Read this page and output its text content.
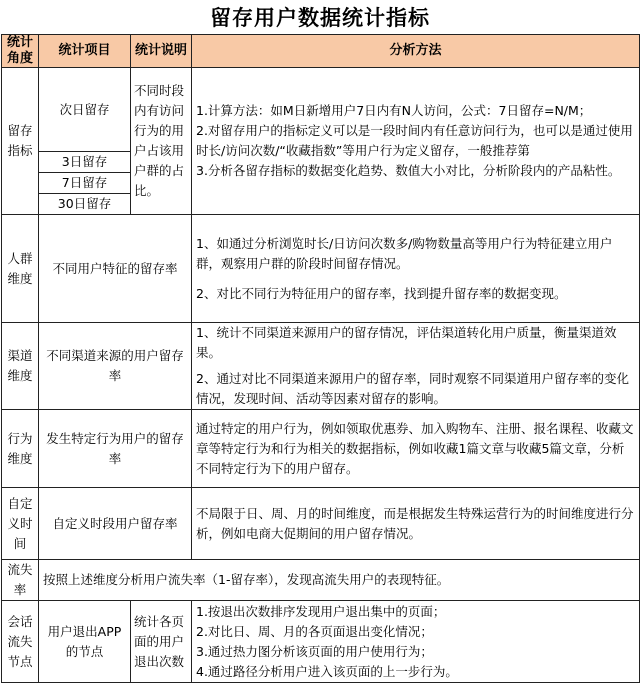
留存用户数据统计指标
统计角度	统计项目	统计说明	分析方法
留存指标	次日留存	不同时段内有访问行为的用户占该用户群的占比。	1.计算方法：如M日新增用户7日内有N人访问，公式：7日留存=N/M；
2.对留存用户的指标定义可以是一段时间内有任意访问行为，也可以是通过使用时长/访问次数/“收藏指数”等用户行为定义留存，一般推荐第
3.分析各留存指标的数据变化趋势、数值大小对比，分析阶段内的产品粘性。

	3日留存		
	7日留存		
	30日留存		
人群维度	不同用户特征的留存率		1、如通过分析浏览时长/日访问次数多/购物数量高等用户行为特征建立用户群，观察用户群的阶段时间留存情况。
2、对比不同行为特征用户的留存率，找到提升留存率的数据变现。

渠道维度	不同渠道来源的用户留存率		1、统计不同渠道来源用户的留存情况，评估渠道转化用户质量，衡量渠道效果。
2、通过对比不同渠道来源用户的留存率，同时观察不同渠道用户留存率的变化情况，发现时间、活动等因素对留存的影响。

行为维度	发生特定行为用户的留存率		通过特定的用户行为，例如领取优惠券、加入购物车、注册、报名课程、收藏文章等特定行为和行为相关的数据指标，例如收藏1篇文章与收藏5篇文章，分析不同特定行为下的用户留存。
自定义时间	自定义时段用户留存率		不局限于日、周、月的时间维度，而是根据发生特殊运营行为的时间维度进行分析，例如电商大促期间的用户留存情况。
流失率	按照上述维度分析用户流失率（1-留存率），发现高流失用户的表现特征。		
会话流失节点	用户退出APP的节点	统计各页面的用户退出次数	1.按退出次数排序发现用户退出集中的页面；
2.对比日、周、月的各页面退出变化情况；
3.通过热力图分析该页面的用户使用行为；
4.通过路径分析用户进入该页面的上一步行为。
